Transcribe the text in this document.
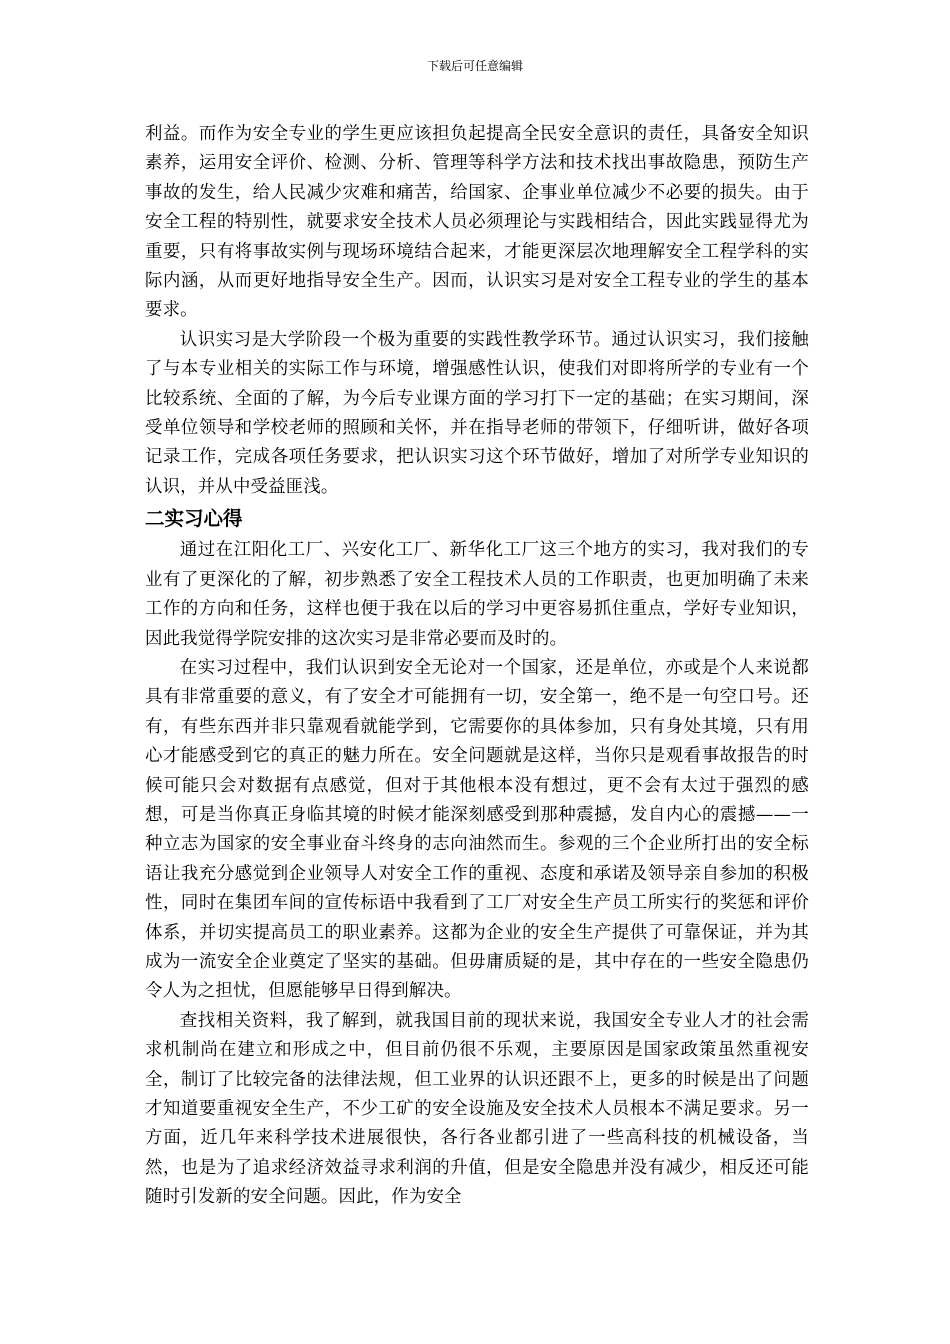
下载后可任意编辑

利益。而作为安全专业的学生更应该担负起提高全民安全意识的责任，具备安全知识素养，运用安全评价、检测、分析、管理等科学方法和技术找出事故隐患，预防生产事故的发生，给人民减少灾难和痛苦，给国家、企事业单位减少不必要的损失。由于安全工程的特别性，就要求安全技术人员必须理论与实践相结合，因此实践显得尤为重要，只有将事故实例与现场环境结合起来，才能更深层次地理解安全工程学科的实际内涵，从而更好地指导安全生产。因而，认识实习是对安全工程专业的学生的基本要求。

认识实习是大学阶段一个极为重要的实践性教学环节。通过认识实习，我们接触了与本专业相关的实际工作与环境，增强感性认识，使我们对即将所学的专业有一个比较系统、全面的了解，为今后专业课方面的学习打下一定的基础；在实习期间，深受单位领导和学校老师的照顾和关怀，并在指导老师的带领下，仔细听讲，做好各项记录工作，完成各项任务要求，把认识实习这个环节做好，增加了对所学专业知识的认识，并从中受益匪浅。

二实习心得

通过在江阳化工厂、兴安化工厂、新华化工厂这三个地方的实习，我对我们的专业有了更深化的了解，初步熟悉了安全工程技术人员的工作职责，也更加明确了未来工作的方向和任务，这样也便于我在以后的学习中更容易抓住重点，学好专业知识，因此我觉得学院安排的这次实习是非常必要而及时的。

在实习过程中，我们认识到安全无论对一个国家，还是单位，亦或是个人来说都具有非常重要的意义，有了安全才可能拥有一切，安全第一，绝不是一句空口号。还有，有些东西并非只靠观看就能学到，它需要你的具体参加，只有身处其境，只有用心才能感受到它的真正的魅力所在。安全问题就是这样，当你只是观看事故报告的时候可能只会对数据有点感觉，但对于其他根本没有想过，更不会有太过于强烈的感想，可是当你真正身临其境的时候才能深刻感受到那种震撼，发自内心的震撼——一种立志为国家的安全事业奋斗终身的志向油然而生。参观的三个企业所打出的安全标语让我充分感觉到企业领导人对安全工作的重视、态度和承诺及领导亲自参加的积极性，同时在集团车间的宣传标语中我看到了工厂对安全生产员工所实行的奖惩和评价体系，并切实提高员工的职业素养。这都为企业的安全生产提供了可靠保证，并为其成为一流安全企业奠定了坚实的基础。但毋庸质疑的是，其中存在的一些安全隐患仍令人为之担忧，但愿能够早日得到解决。

查找相关资料，我了解到，就我国目前的现状来说，我国安全专业人才的社会需求机制尚在建立和形成之中，但目前仍很不乐观，主要原因是国家政策虽然重视安全，制订了比较完备的法律法规，但工业界的认识还跟不上，更多的时候是出了问题才知道要重视安全生产，不少工矿的安全设施及安全技术人员根本不满足要求。另一方面，近几年来科学技术进展很快，各行各业都引进了一些高科技的机械设备，当然，也是为了追求经济效益寻求利润的升值，但是安全隐患并没有减少，相反还可能随时引发新的安全问题。因此，作为安全
